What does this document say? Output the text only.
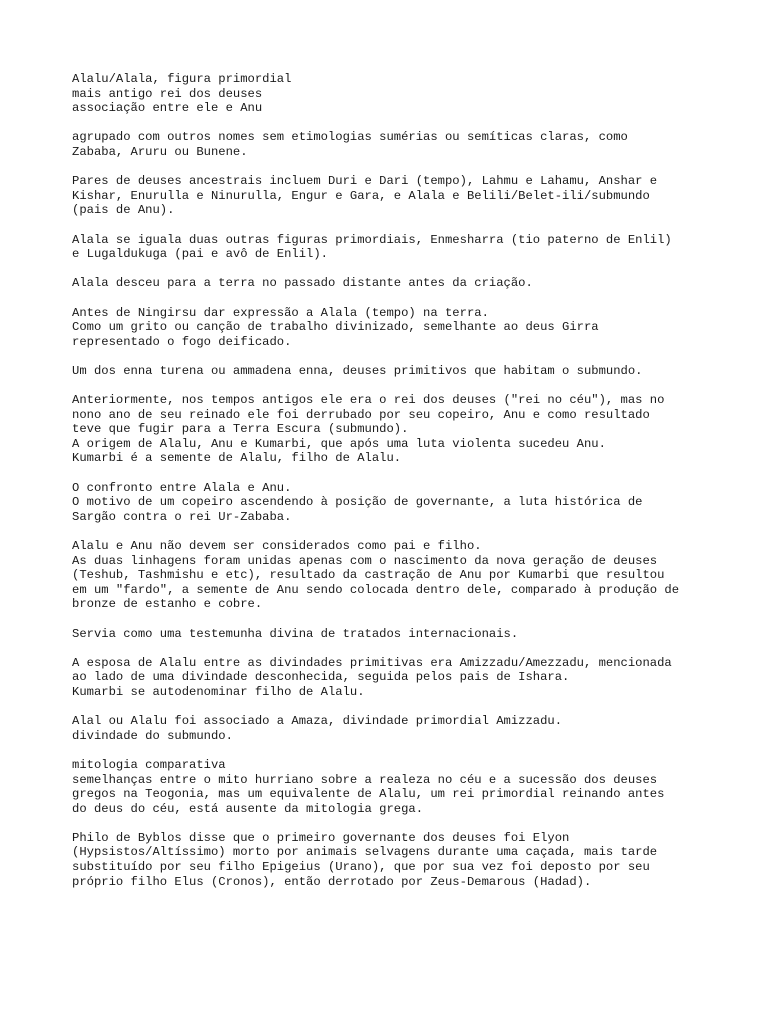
Alalu/Alala, figura primordial
mais antigo rei dos deuses
associação entre ele e Anu
agrupado com outros nomes sem etimologias sumérias ou semíticas claras, como
Zababa, Aruru ou Bunene.
Pares de deuses ancestrais incluem Duri e Dari (tempo), Lahmu e Lahamu, Anshar e
Kishar, Enurulla e Ninurulla, Engur e Gara, e Alala e Belili/Belet-ili/submundo
(pais de Anu).
Alala se iguala duas outras figuras primordiais, Enmesharra (tio paterno de Enlil)
e Lugaldukuga (pai e avô de Enlil).
Alala desceu para a terra no passado distante antes da criação.
Antes de Ningirsu dar expressão a Alala (tempo) na terra.
Como um grito ou canção de trabalho divinizado, semelhante ao deus Girra
representado o fogo deificado.
Um dos enna turena ou ammadena enna, deuses primitivos que habitam o submundo.
Anteriormente, nos tempos antigos ele era o rei dos deuses ("rei no céu"), mas no
nono ano de seu reinado ele foi derrubado por seu copeiro, Anu e como resultado
teve que fugir para a Terra Escura (submundo).
A origem de Alalu, Anu e Kumarbi, que após uma luta violenta sucedeu Anu.
Kumarbi é a semente de Alalu, filho de Alalu.
O confronto entre Alala e Anu.
O motivo de um copeiro ascendendo à posição de governante, a luta histórica de
Sargão contra o rei Ur-Zababa.
Alalu e Anu não devem ser considerados como pai e filho.
As duas linhagens foram unidas apenas com o nascimento da nova geração de deuses
(Teshub, Tashmishu e etc), resultado da castração de Anu por Kumarbi que resultou
em um "fardo", a semente de Anu sendo colocada dentro dele, comparado à produção de
bronze de estanho e cobre.
Servia como uma testemunha divina de tratados internacionais.
A esposa de Alalu entre as divindades primitivas era Amizzadu/Amezzadu, mencionada
ao lado de uma divindade desconhecida, seguida pelos pais de Ishara.
Kumarbi se autodenominar filho de Alalu.
Alal ou Alalu foi associado a Amaza, divindade primordial Amizzadu.
divindade do submundo.
mitologia comparativa
semelhanças entre o mito hurriano sobre a realeza no céu e a sucessão dos deuses
gregos na Teogonia, mas um equivalente de Alalu, um rei primordial reinando antes
do deus do céu, está ausente da mitologia grega.
Philo de Byblos disse que o primeiro governante dos deuses foi Elyon
(Hypsistos/Altíssimo) morto por animais selvagens durante uma caçada, mais tarde
substituído por seu filho Epigeius (Urano), que por sua vez foi deposto por seu
próprio filho Elus (Cronos), então derrotado por Zeus-Demarous (Hadad).
